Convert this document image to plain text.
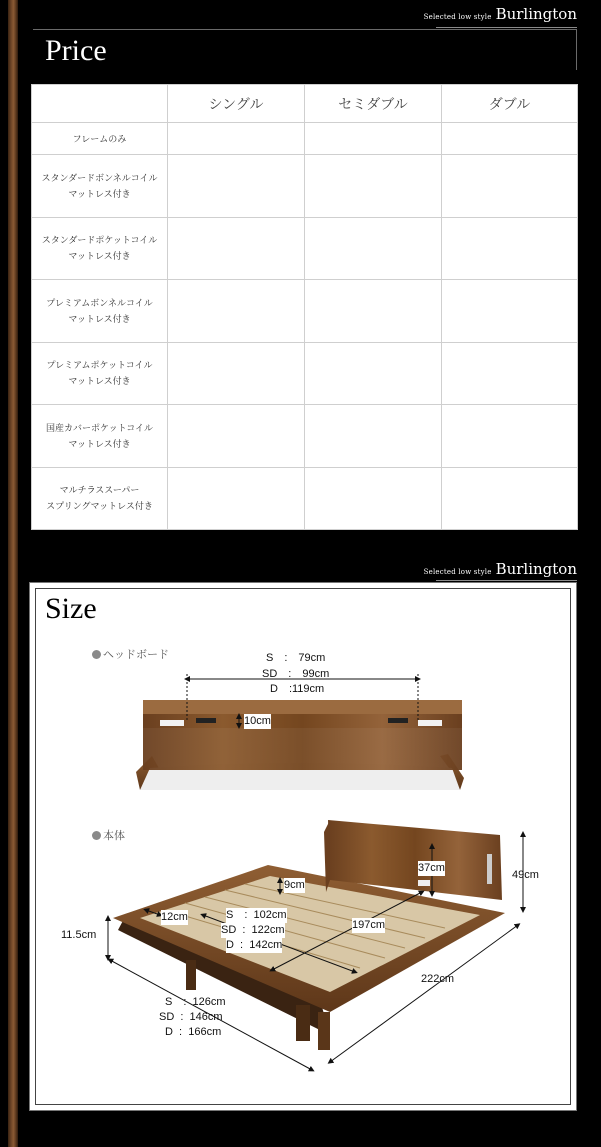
Selected low style Burlington
Price
	シングル	セミダブル	ダブル

フレームのみ			

スタンダードボンネルコイル
マットレス付き			

スタンダードポケットコイル
マットレス付き			

プレミアムボンネルコイル
マットレス付き			

プレミアムポケットコイル
マットレス付き			

国産カバーポケットコイル
マットレス付き			

マルチラススーパー
スプリングマットレス付き			

Selected low style Burlington
Size
ヘッドボード
本体
S　:　79cm
SD　:　99cm
D　:119cm
10cm
49cm
37cm
9cm
12cm
11.5cm
197cm
222cm
S　:  102cm
SD  :  122cm
D  :  142cm
S　:  126cm
SD  :  146cm
D  :  166cm
